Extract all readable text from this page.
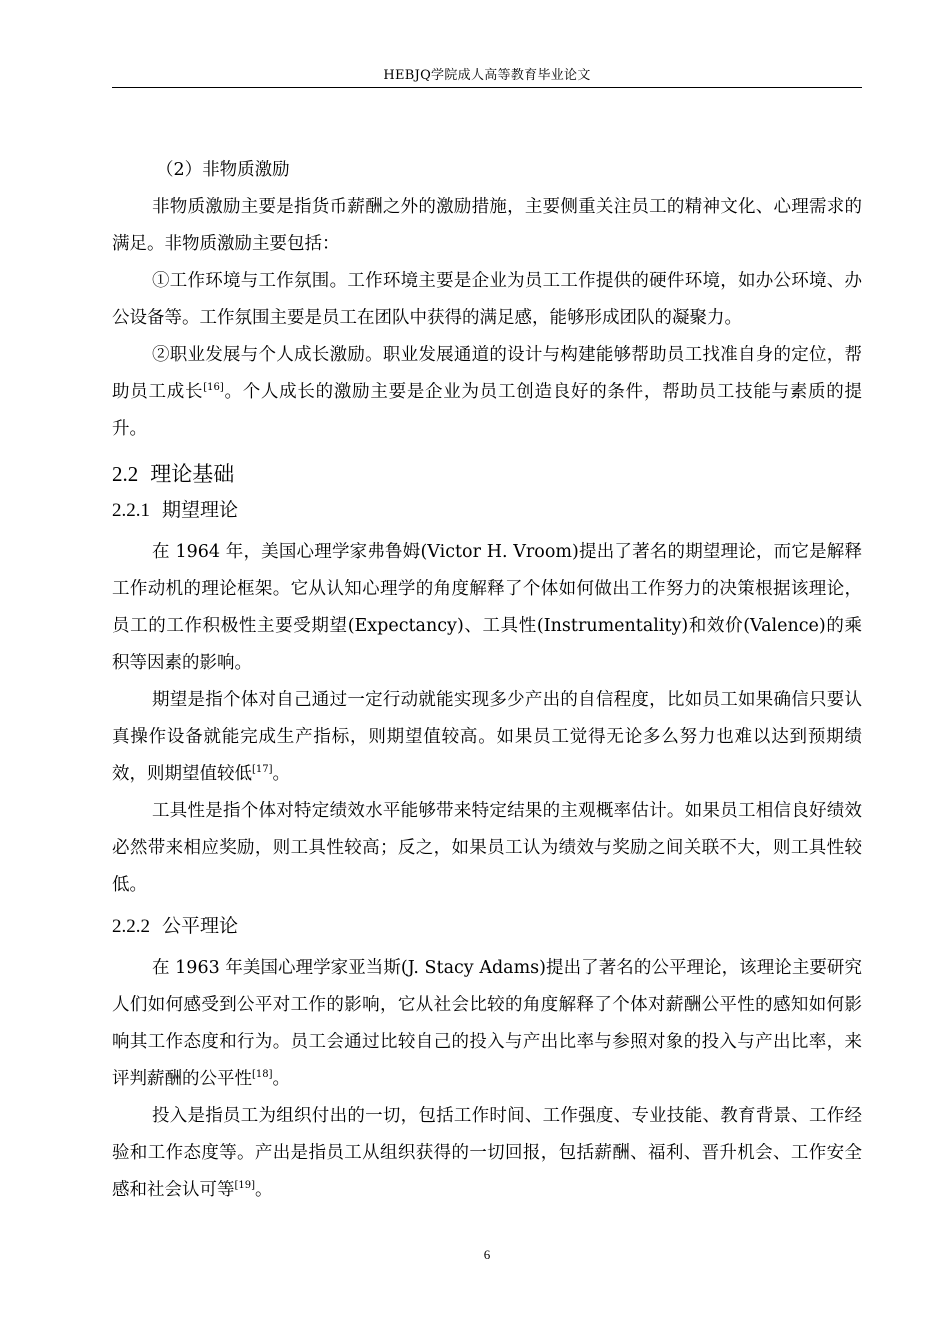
HEBJQ学院成人高等教育毕业论文

（2）非物质激励

非物质激励主要是指货币薪酬之外的激励措施，主要侧重关注员工的精神文化、心理需求的满足。非物质激励主要包括：

①工作环境与工作氛围。工作环境主要是企业为员工工作提供的硬件环境，如办公环境、办公设备等。工作氛围主要是员工在团队中获得的满足感，能够形成团队的凝聚力。

②职业发展与个人成长激励。职业发展通道的设计与构建能够帮助员工找准自身的定位，帮助员工成长[16]。个人成长的激励主要是企业为员工创造良好的条件，帮助员工技能与素质的提升。

2.2 理论基础
2.2.1 期望理论

在 1964 年，美国心理学家弗鲁姆(Victor H. Vroom)提出了著名的期望理论，而它是解释工作动机的理论框架。它从认知心理学的角度解释了个体如何做出工作努力的决策根据该理论，员工的工作积极性主要受期望(Expectancy)、工具性(Instrumentality)和效价(Valence)的乘积等因素的影响。

期望是指个体对自己通过一定行动就能实现多少产出的自信程度，比如员工如果确信只要认真操作设备就能完成生产指标，则期望值较高。如果员工觉得无论多么努力也难以达到预期绩效，则期望值较低[17]。

工具性是指个体对特定绩效水平能够带来特定结果的主观概率估计。如果员工相信良好绩效必然带来相应奖励，则工具性较高；反之，如果员工认为绩效与奖励之间关联不大，则工具性较低。

2.2.2 公平理论

在 1963 年美国心理学家亚当斯(J. Stacy Adams)提出了著名的公平理论，该理论主要研究人们如何感受到公平对工作的影响，它从社会比较的角度解释了个体对薪酬公平性的感知如何影响其工作态度和行为。员工会通过比较自己的投入与产出比率与参照对象的投入与产出比率，来评判薪酬的公平性[18]。

投入是指员工为组织付出的一切，包括工作时间、工作强度、专业技能、教育背景、工作经验和工作态度等。产出是指员工从组织获得的一切回报，包括薪酬、福利、晋升机会、工作安全感和社会认可等[19]。

6
